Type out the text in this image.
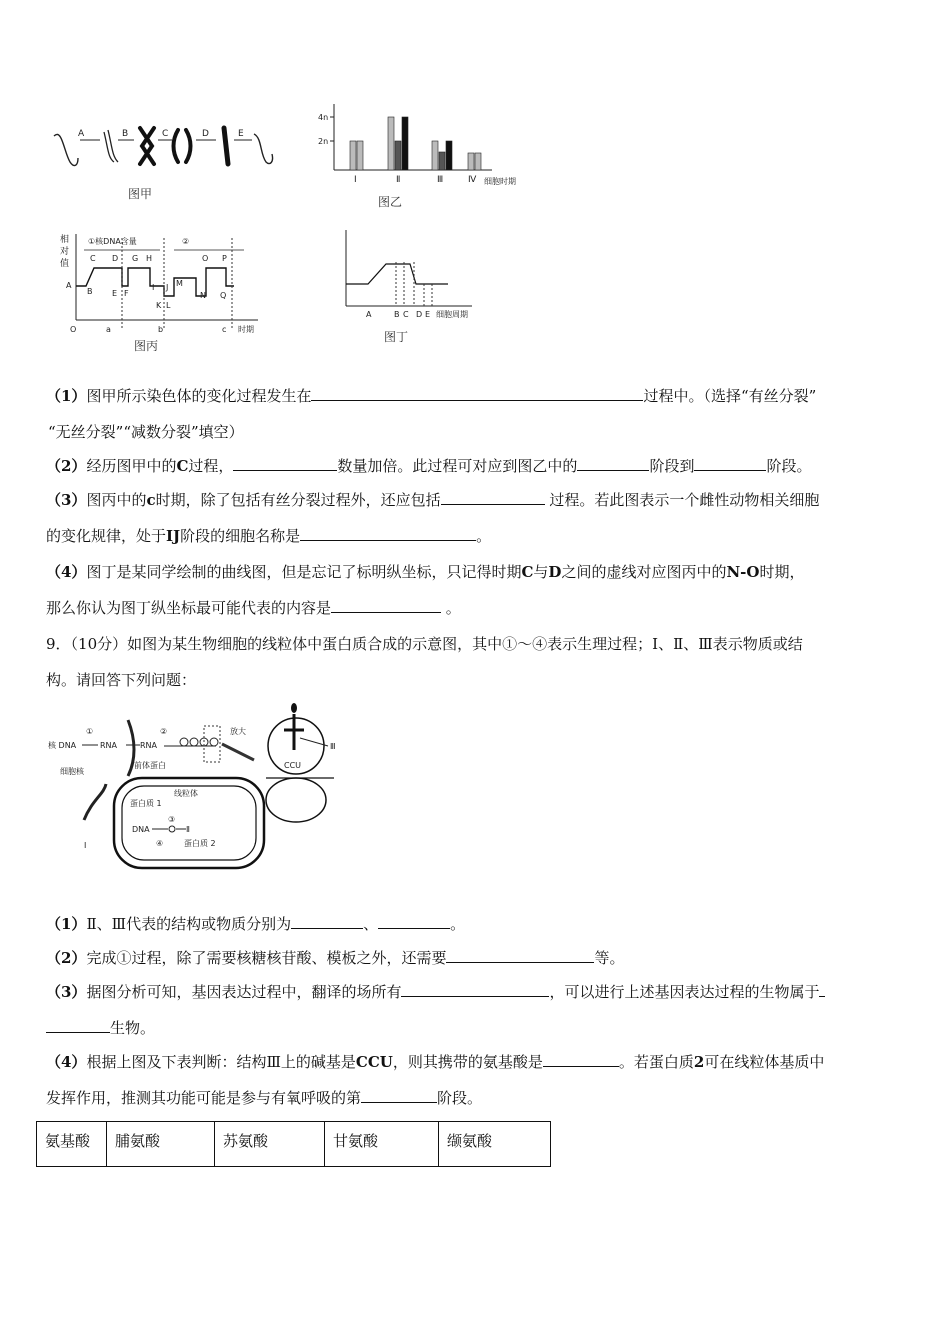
A	B	C	D	E
图甲
4n
2n
Ⅰ	Ⅱ	Ⅲ	Ⅳ 细胞时期
图乙
相
对
值
①核DNA含量	②
A
B
C D
E F
G H
I J
K L
M
N
O P
Q
O	a	b	c 时期
图丙
A	B C D E 细胞周期
图丁
（1）图甲所示染色体的变化过程发生在	过程中。（选择“有丝分裂”
“无丝分裂”“减数分裂”填空）
（2）经历图甲中的C过程，	数量加倍。此过程可对应到图乙中的	阶段到	阶段。
（3）图丙中的c时期，除了包括有丝分裂过程外，还应包括	过程。若此图表示一个雌性动物相关细胞
的变化规律，处于IJ阶段的细胞名称是	。
（4）图丁是某同学绘制的曲线图，但是忘记了标明纵坐标，只记得时期C与D之间的虚线对应图丙中的N-O时期，
那么你认为图丁纵坐标最可能代表的内容是	。
9．（10分）如图为某生物细胞的线粒体中蛋白质合成的示意图，其中①～④表示生理过程；Ⅰ、Ⅱ、Ⅲ表示物质或结
构。请回答下列问题：
①
核 DNA	RNA
②
RNA
放大
细胞核
前体蛋白
Ⅰ
蛋白质 1
线粒体
③
DNA	Ⅱ
④	蛋白质 2
Ⅲ
CCU
（1）Ⅱ、Ⅲ代表的结构或物质分别为	、	。
（2）完成①过程，除了需要核糖核苷酸、模板之外，还需要	等。
（3）据图分析可知，基因表达过程中，翻译的场所有	，可以进行上述基因表达过程的生物属于
生物。
（4）根据上图及下表判断：结构Ⅲ上的碱基是CCU，则其携带的氨基酸是	。若蛋白质2可在线粒体基质中
发挥作用，推测其功能可能是参与有氧呼吸的第	阶段。
氨基酸	脯氨酸	苏氨酸	甘氨酸	缬氨酸
